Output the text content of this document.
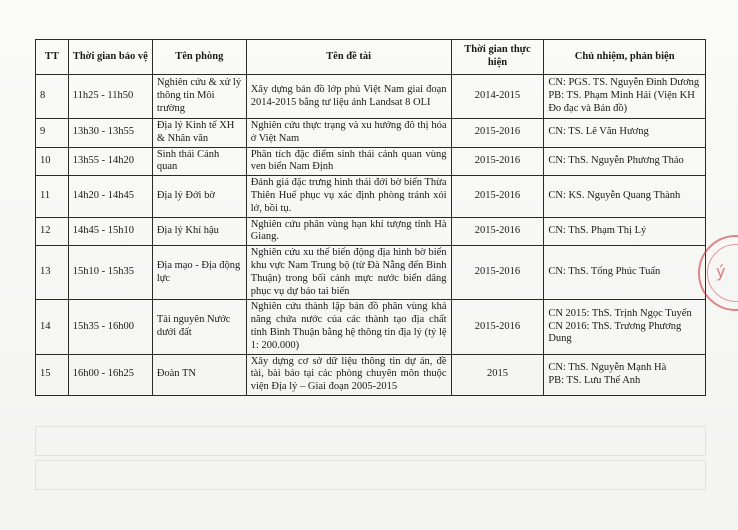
TT	Thời gian bảo vệ	Tên phòng	Tên đề tài	Thời gian thực hiện	Chủ nhiệm, phản biện
8	11h25 - 11h50	Nghiên cứu & xử lý thông tin Môi trường	Xây dựng bản đồ lớp phủ Việt Nam giai đoạn 2014-2015 bằng tư liệu ảnh Landsat 8 OLI	2014-2015	CN: PGS. TS. Nguyễn Đình Dương
PB: TS. Phạm Minh Hải (Viện KH Đo đạc và Bản đồ)

9	13h30 - 13h55	Địa lý Kinh tế XH & Nhân văn	Nghiên cứu thực trạng và xu hướng đô thị hóa ở Việt Nam	2015-2016	CN: TS. Lê Văn Hương

10	13h55 - 14h20	Sinh thái Cảnh quan	Phân tích đặc điểm sinh thái cảnh quan vùng ven biển Nam Định	2015-2016	CN: ThS. Nguyễn Phương Thảo

11	14h20 - 14h45	Địa lý Đới bờ	Đánh giá đặc trưng hình thái đới bờ biển Thừa Thiên Huế phục vụ xác định phòng tránh xói lở, bồi tụ.	2015-2016	CN: KS. Nguyễn Quang Thành

12	14h45 - 15h10	Địa lý Khí hậu	Nghiên cứu phân vùng hạn khí tượng tỉnh Hà Giang.	2015-2016	CN: ThS. Phạm Thị Lý

13	15h10 - 15h35	Địa mạo - Địa động lực	Nghiên cứu xu thế biến động địa hình bờ biển khu vực Nam Trung bộ (từ Đà Nẵng đến Bình Thuận) trong bối cảnh mực nước biển dâng phục vụ dự báo tai biến	2015-2016	CN: ThS. Tống Phúc Tuấn

14	15h35 - 16h00	Tài nguyên Nước dưới đất	Nghiên cứu thành lập bản đồ phân vùng khả năng chứa nước của các thành tạo địa chất tỉnh Bình Thuận bằng hệ thông tin địa lý (tỷ lệ 1: 200.000)	2015-2016	CN 2015: ThS. Trịnh Ngọc Tuyến
CN 2016: ThS. Trương Phương Dung

15	16h00 - 16h25	Đoàn TN	Xây dựng cơ sở dữ liệu thông tin dự án, đề tài, bài báo tại các phòng chuyên môn thuộc viện Địa lý – Giai đoạn 2005-2015	2015	CN: ThS. Nguyễn Mạnh Hà
PB: TS. Lưu Thế Anh
ý
